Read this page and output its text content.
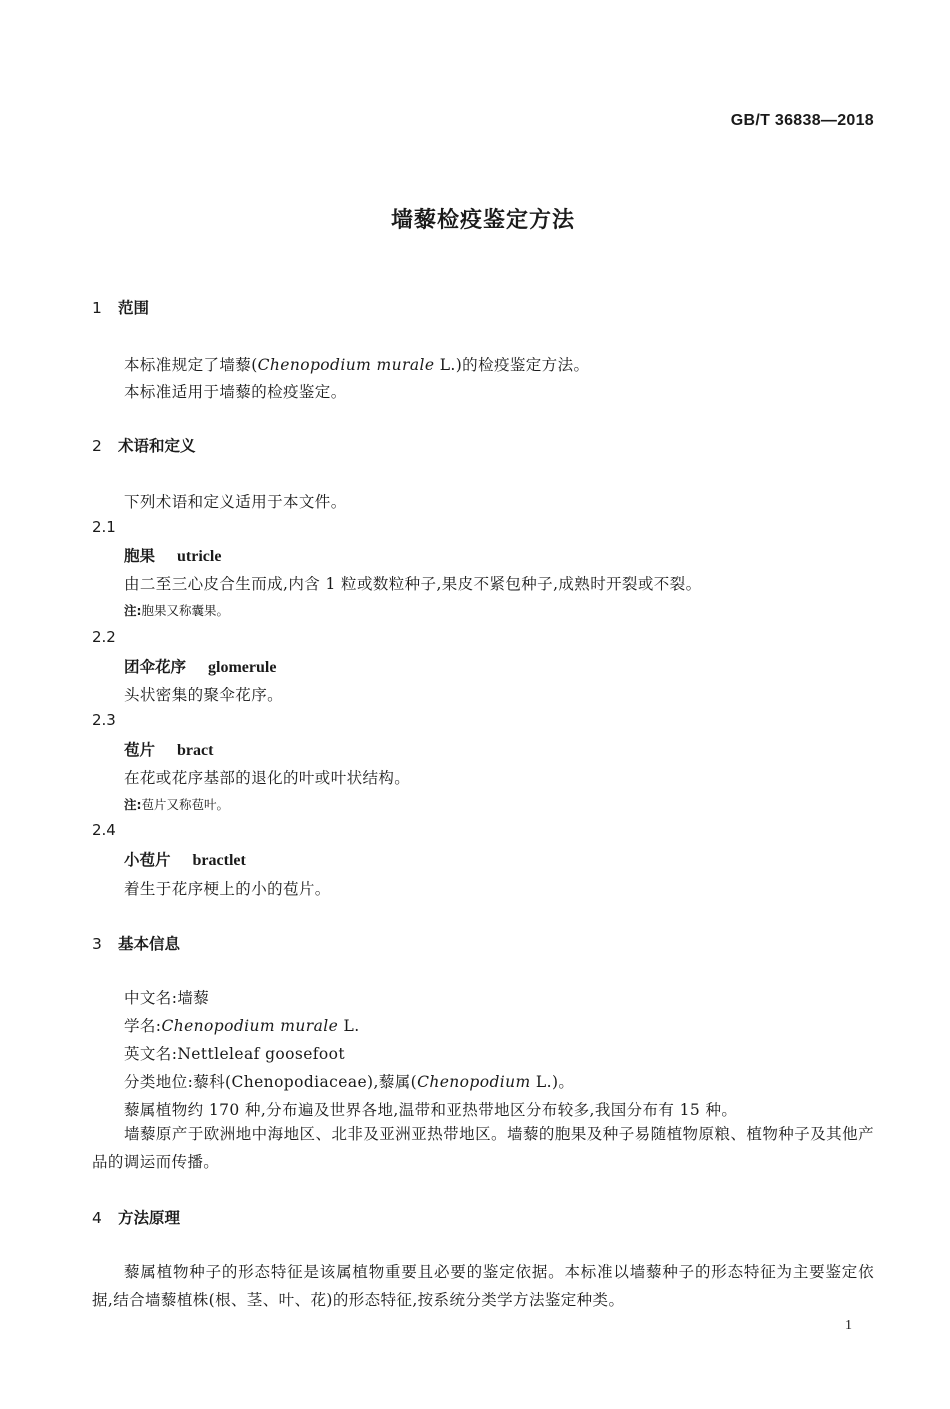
GB/T 36838—2018
墙藜检疫鉴定方法
1 范围
本标准规定了墙藜(Chenopodium murale L.)的检疫鉴定方法。
本标准适用于墙藜的检疫鉴定。
2 术语和定义
下列术语和定义适用于本文件。
2.1
胞果 utricle
由二至三心皮合生而成,内含 1 粒或数粒种子,果皮不紧包种子,成熟时开裂或不裂。
注:胞果又称囊果。
2.2
团伞花序 glomerule
头状密集的聚伞花序。
2.3
苞片 bract
在花或花序基部的退化的叶或叶状结构。
注:苞片又称苞叶。
2.4
小苞片 bractlet
着生于花序梗上的小的苞片。
3 基本信息
中文名:墙藜
学名:Chenopodium murale L.
英文名:Nettleleaf goosefoot
分类地位:藜科(Chenopodiaceae),藜属(Chenopodium L.)。
藜属植物约 170 种,分布遍及世界各地,温带和亚热带地区分布较多,我国分布有 15 种。
墙藜原产于欧洲地中海地区、北非及亚洲亚热带地区。墙藜的胞果及种子易随植物原粮、植物种子及其他产品的调运而传播。
4 方法原理
藜属植物种子的形态特征是该属植物重要且必要的鉴定依据。本标准以墙藜种子的形态特征为主要鉴定依据,结合墙藜植株(根、茎、叶、花)的形态特征,按系统分类学方法鉴定种类。
1
